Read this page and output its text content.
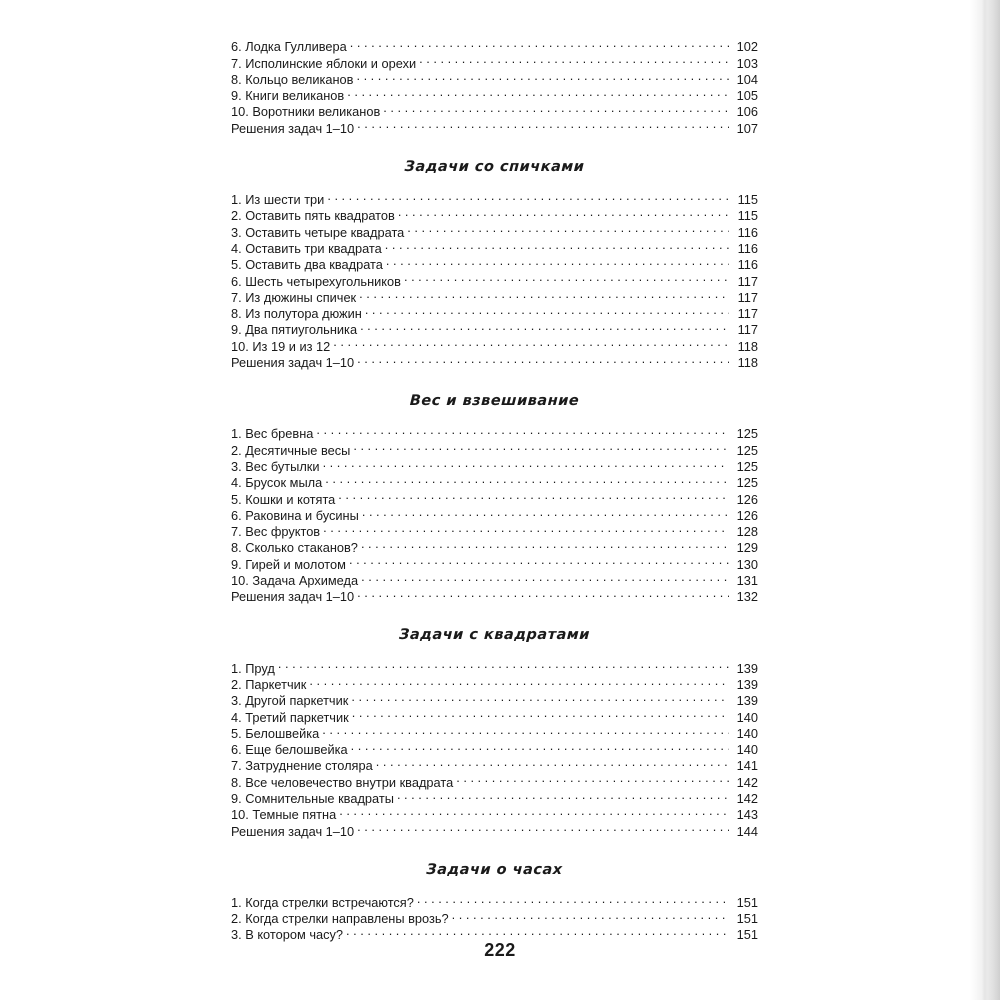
6. Лодка Гулливера . . .	102
7. Исполинские яблоки и орехи . . .	103
8. Кольцо великанов . . .	104
9. Книги великанов . . .	105
10. Воротники великанов . . .	106
Решения задач 1–10 . . .	107
Задачи со спичками
1. Из шести три . . .	115
2. Оставить пять квадратов . . .	115
3. Оставить четыре квадрата . . .	116
4. Оставить три квадрата . . .	116
5. Оставить два квадрата . . .	116
6. Шесть четырехугольников . . .	117
7. Из дюжины спичек . . .	117
8. Из полутора дюжин . . .	117
9. Два пятиугольника . . .	117
10. Из 19 и из 12 . . .	118
Решения задач 1–10 . . .	118
Вес и взвешивание
1. Вес бревна . . .	125
2. Десятичные весы . . .	125
3. Вес бутылки . . .	125
4. Брусок мыла . . .	125
5. Кошки и котята . . .	126
6. Раковина и бусины . . .	126
7. Вес фруктов . . .	128
8. Сколько стаканов? . . .	129
9. Гирей и молотом . . .	130
10. Задача Архимеда . . .	131
Решения задач 1–10 . . .	132
Задачи с квадратами
1. Пруд . . .	139
2. Паркетчик . . .	139
3. Другой паркетчик . . .	139
4. Третий паркетчик . . .	140
5. Белошвейка . . .	140
6. Еще белошвейка . . .	140
7. Затруднение столяра . . .	141
8. Все человечество внутри квадрата . . .	142
9. Сомнительные квадраты . . .	142
10. Темные пятна . . .	143
Решения задач 1–10 . . .	144
Задачи о часах
1. Когда стрелки встречаются? . . .	151
2. Когда стрелки направлены врозь? . . .	151
3. В котором часу? . . .	151
222
